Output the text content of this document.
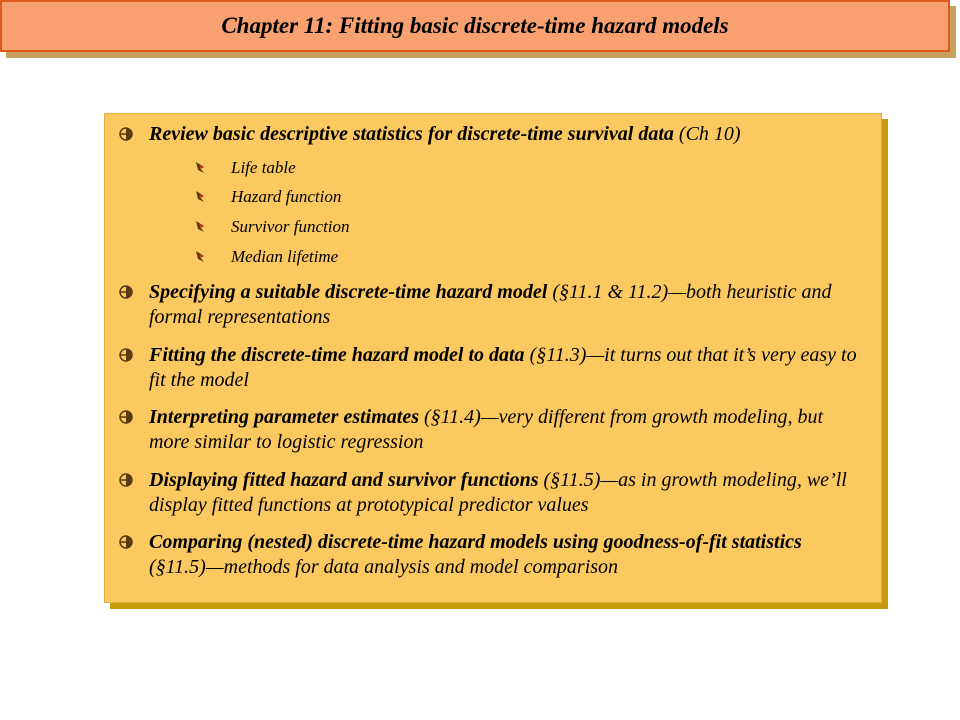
Chapter 11: Fitting basic discrete-time hazard models
Review basic descriptive statistics for discrete-time survival data (Ch 10)
Life table
Hazard function
Survivor function
Median lifetime
Specifying a suitable discrete-time hazard model (§11.1 & 11.2)—both heuristic and formal representations
Fitting the discrete-time hazard model to data (§11.3)—it turns out that it’s very easy to fit the model
Interpreting parameter estimates (§11.4)—very different from growth modeling, but more similar to logistic regression
Displaying fitted hazard and survivor functions (§11.5)—as in growth modeling, we’ll display fitted functions at prototypical predictor values
Comparing (nested) discrete-time hazard models using goodness-of-fit statistics (§11.5)—methods for data analysis and model comparison
